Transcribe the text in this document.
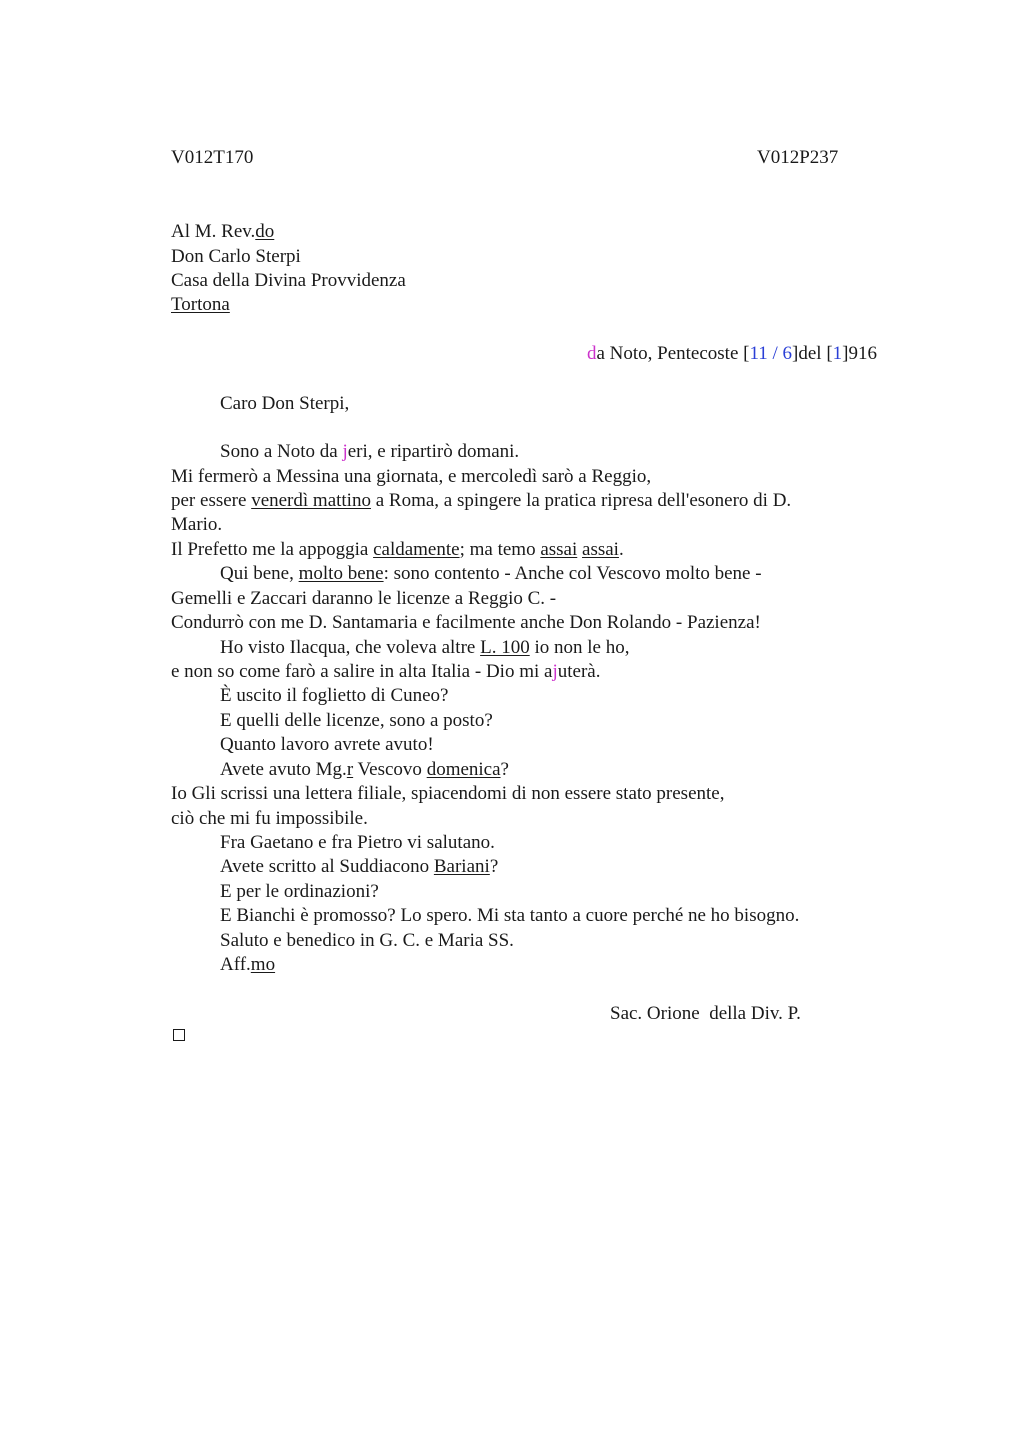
V012T170	V012P237
Al M. Rev.do
Don Carlo Sterpi
Casa della Divina Provvidenza
Tortona
da Noto, Pentecoste [11 / 6]del [1]916
Caro Don Sterpi,
Sono a Noto da jeri, e ripartirò domani.
Mi fermerò a Messina una giornata, e mercoledì sarò a Reggio,
per essere venerdì mattino a Roma, a spingere la pratica ripresa dell'esonero di D.
Mario.
Il Prefetto me la appoggia caldamente; ma temo assai assai.
Qui bene, molto bene: sono contento - Anche col Vescovo molto bene -
Gemelli e Zaccari daranno le licenze a Reggio C. -
Condurrò con me D. Santamaria e facilmente anche Don Rolando - Pazienza!
Ho visto Ilacqua, che voleva altre L. 100 io non le ho,
e non so come farò a salire in alta Italia - Dio mi ajuterà.
È uscito il foglietto di Cuneo?
E quelli delle licenze, sono a posto?
Quanto lavoro avrete avuto!
Avete avuto Mg.r Vescovo domenica?
Io Gli scrissi una lettera filiale, spiacendomi di non essere stato presente,
ciò che mi fu impossibile.
Fra Gaetano e fra Pietro vi salutano.
Avete scritto al Suddiacono Bariani?
E per le ordinazioni?
E Bianchi è promosso? Lo spero. Mi sta tanto a cuore perché ne ho bisogno.
Saluto e benedico in G. C. e Maria SS.
Aff.mo
Sac. Orione  della Div. P.
